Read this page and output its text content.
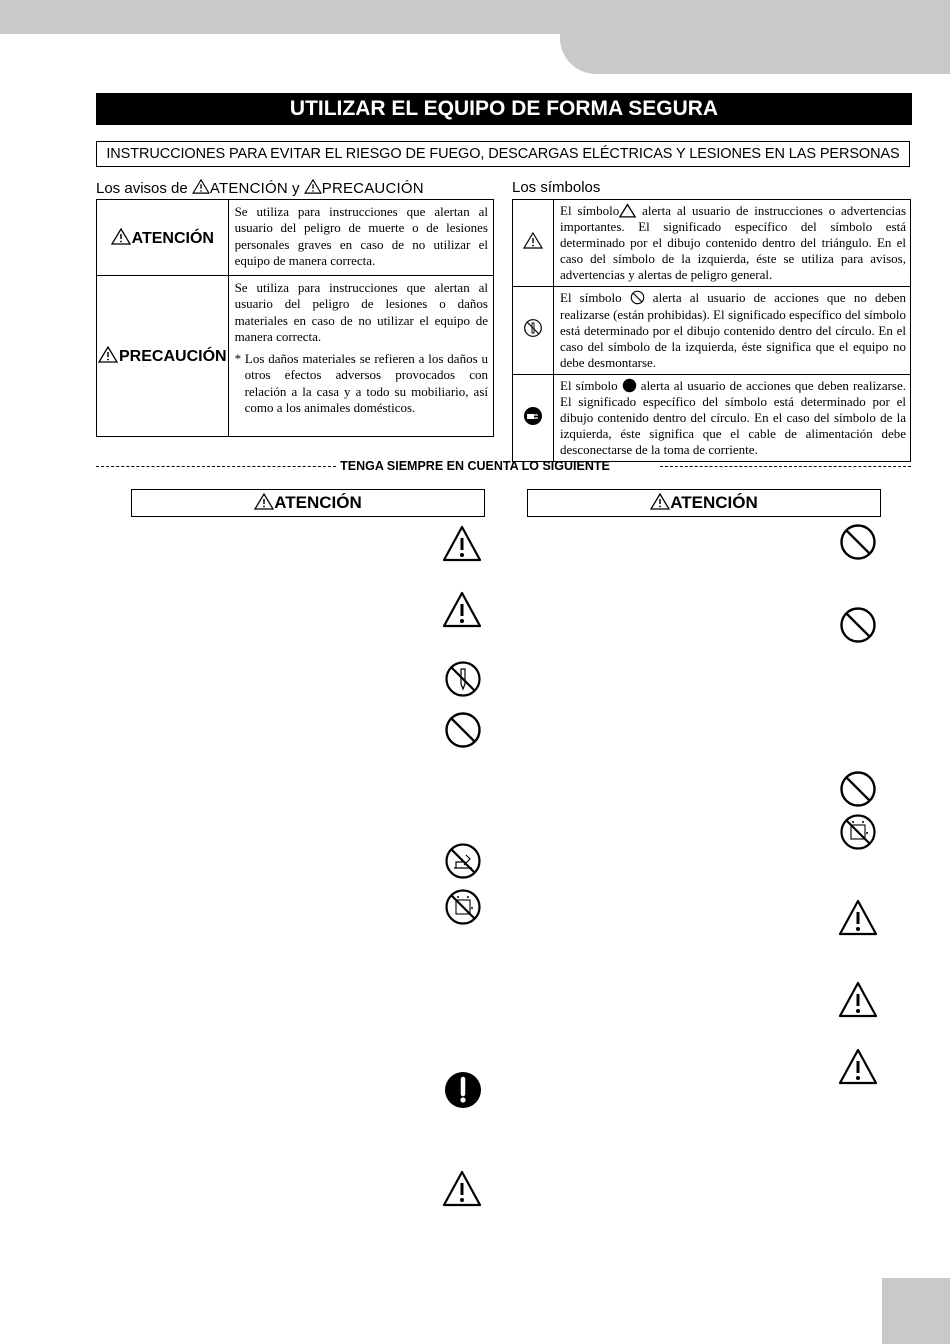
UTILIZAR EL EQUIPO DE FORMA SEGURA
INSTRUCCIONES PARA EVITAR EL RIESGO DE FUEGO, DESCARGAS ELÉCTRICAS Y LESIONES EN LAS PERSONAS
Los avisos de ATENCIÓN y PRECAUCIÓN
ATENCIÓN	Se utiliza para instrucciones que alertan al usuario del peligro de muerte o de lesiones personales graves en caso de no utilizar el equipo de manera correcta.
PRECAUCIÓN	Se utiliza para instrucciones que alertan al usuario del peligro de lesiones o daños materiales en caso de no utilizar el equipo de manera correcta.
* Los daños materiales se refieren a los daños u otros efectos adversos provocados con relación a la casa y a todo su mobiliario, así como a los animales domésticos.
Los símbolos
	El símbolo alerta al usuario de instrucciones o advertencias importantes. El significado específico del símbolo está determinado por el dibujo contenido dentro del triángulo. En el caso del símbolo de la izquierda, éste se utiliza para avisos, advertencias y alertas de peligro general.
	El símbolo  alerta al usuario de acciones que no deben realizarse (están prohibidas). El significado específico del símbolo está determinado por el dibujo contenido dentro del círculo. En el caso del símbolo de la izquierda, éste significa que el equipo no debe desmontarse.
	El símbolo  alerta al usuario de acciones que deben realizarse. El significado específico del símbolo está determinado por el dibujo contenido dentro del círculo. En el caso del símbolo de la izquierda, éste significa que el cable de alimentación debe desconectarse de la toma de corriente.
TENGA SIEMPRE EN CUENTA LO SIGUIENTE
ATENCIÓN	ATENCIÓN
